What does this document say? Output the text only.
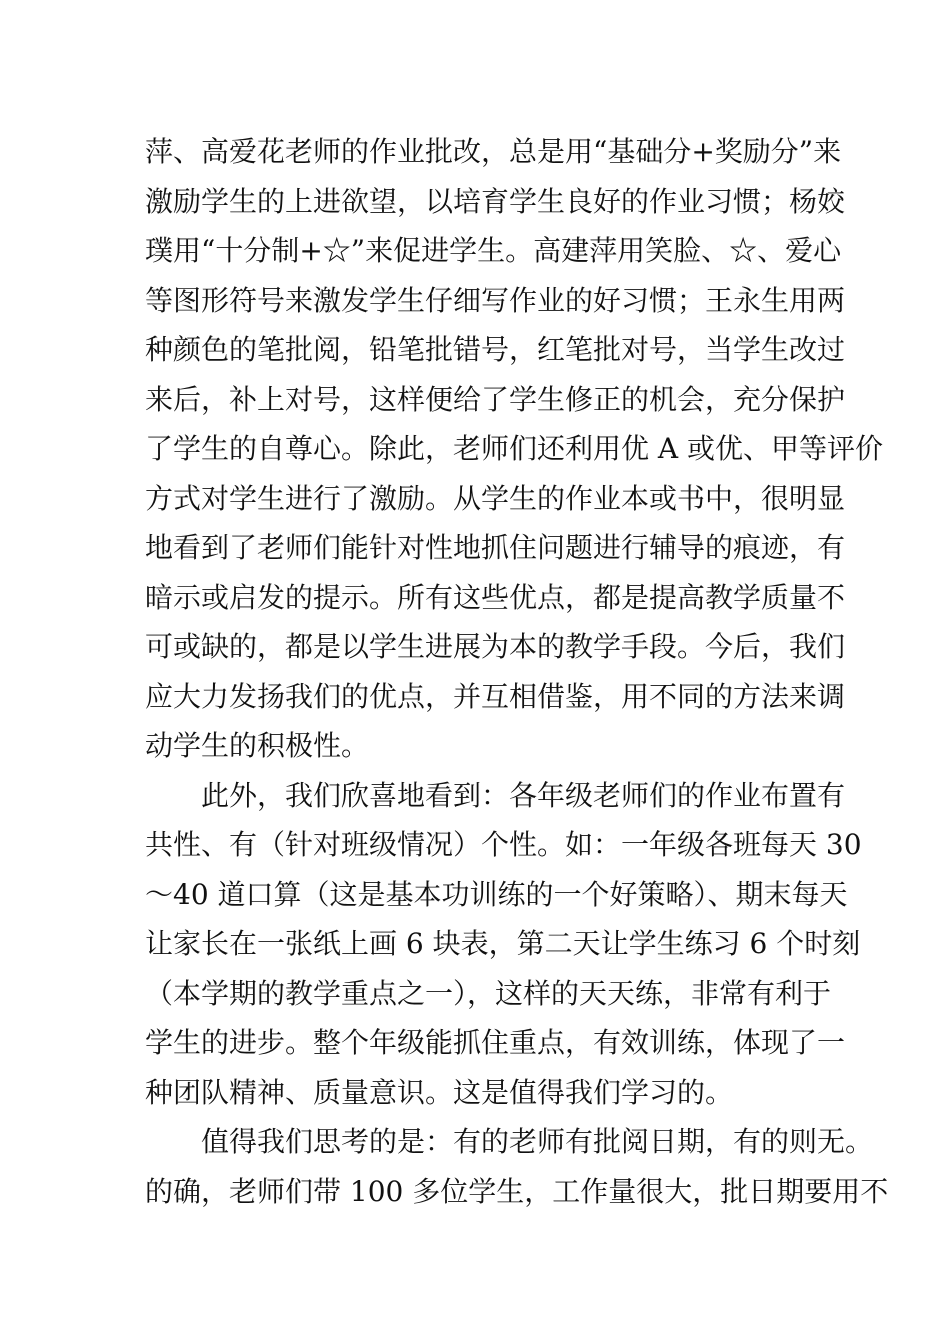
萍、高爱花老师的作业批改，总是用“基础分+奖励分”来
激励学生的上进欲望，以培育学生良好的作业习惯；杨姣
璞用“十分制+☆”来促进学生。高建萍用笑脸、☆、爱心
等图形符号来激发学生仔细写作业的好习惯；王永生用两
种颜色的笔批阅，铅笔批错号，红笔批对号，当学生改过
来后，补上对号，这样便给了学生修正的机会，充分保护
了学生的自尊心。除此，老师们还利用优 A 或优、甲等评价
方式对学生进行了激励。从学生的作业本或书中，很明显
地看到了老师们能针对性地抓住问题进行辅导的痕迹，有
暗示或启发的提示。所有这些优点，都是提高教学质量不
可或缺的，都是以学生进展为本的教学手段。今后，我们
应大力发扬我们的优点，并互相借鉴，用不同的方法来调
动学生的积极性。
此外，我们欣喜地看到：各年级老师们的作业布置有
共性、有（针对班级情况）个性。如：一年级各班每天 30
～40 道口算（这是基本功训练的一个好策略）、期末每天
让家长在一张纸上画 6 块表，第二天让学生练习 6 个时刻
（本学期的教学重点之一），这样的天天练，非常有利于
学生的进步。整个年级能抓住重点，有效训练，体现了一
种团队精神、质量意识。这是值得我们学习的。
值得我们思考的是：有的老师有批阅日期，有的则无。
的确，老师们带 100 多位学生，工作量很大，批日期要用不
